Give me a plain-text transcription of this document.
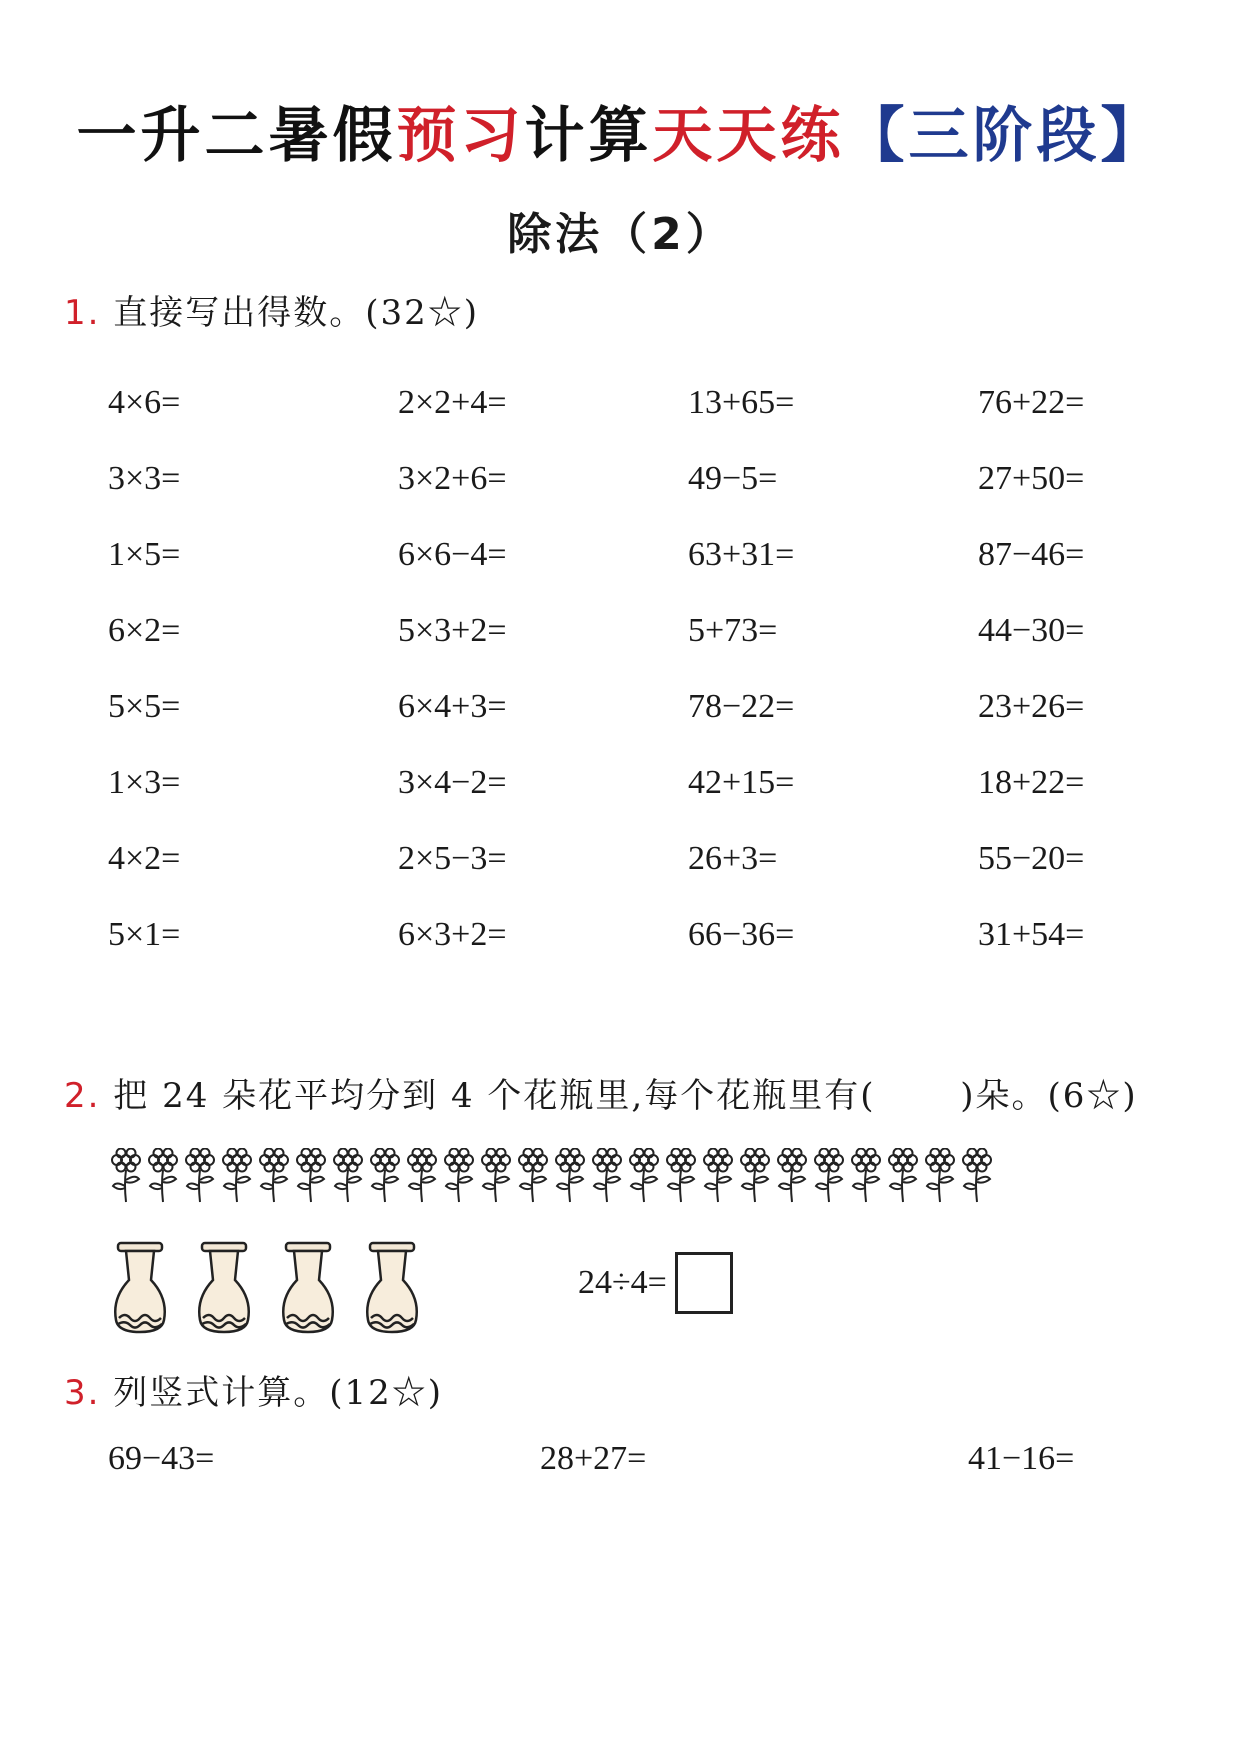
一升二暑假预习计算天天练【三阶段】
除法（2）
1. 直接写出得数。(32☆)
4×6=	2×2+4=	13+65=	76+22=
3×3=	3×2+6=	49−5=	27+50=
1×5=	6×6−4=	63+31=	87−46=
6×2=	5×3+2=	5+73=	44−30=
5×5=	6×4+3=	78−22=	23+26=
1×3=	3×4−2=	42+15=	18+22=
4×2=	2×5−3=	26+3=	55−20=
5×1=	6×3+2=	66−36=	31+54=
2. 把 24 朵花平均分到 4 个花瓶里,每个花瓶里有(　　 )朵。(6☆)
24÷4=
3. 列竖式计算。(12☆)
69−43=	28+27=	41−16=
